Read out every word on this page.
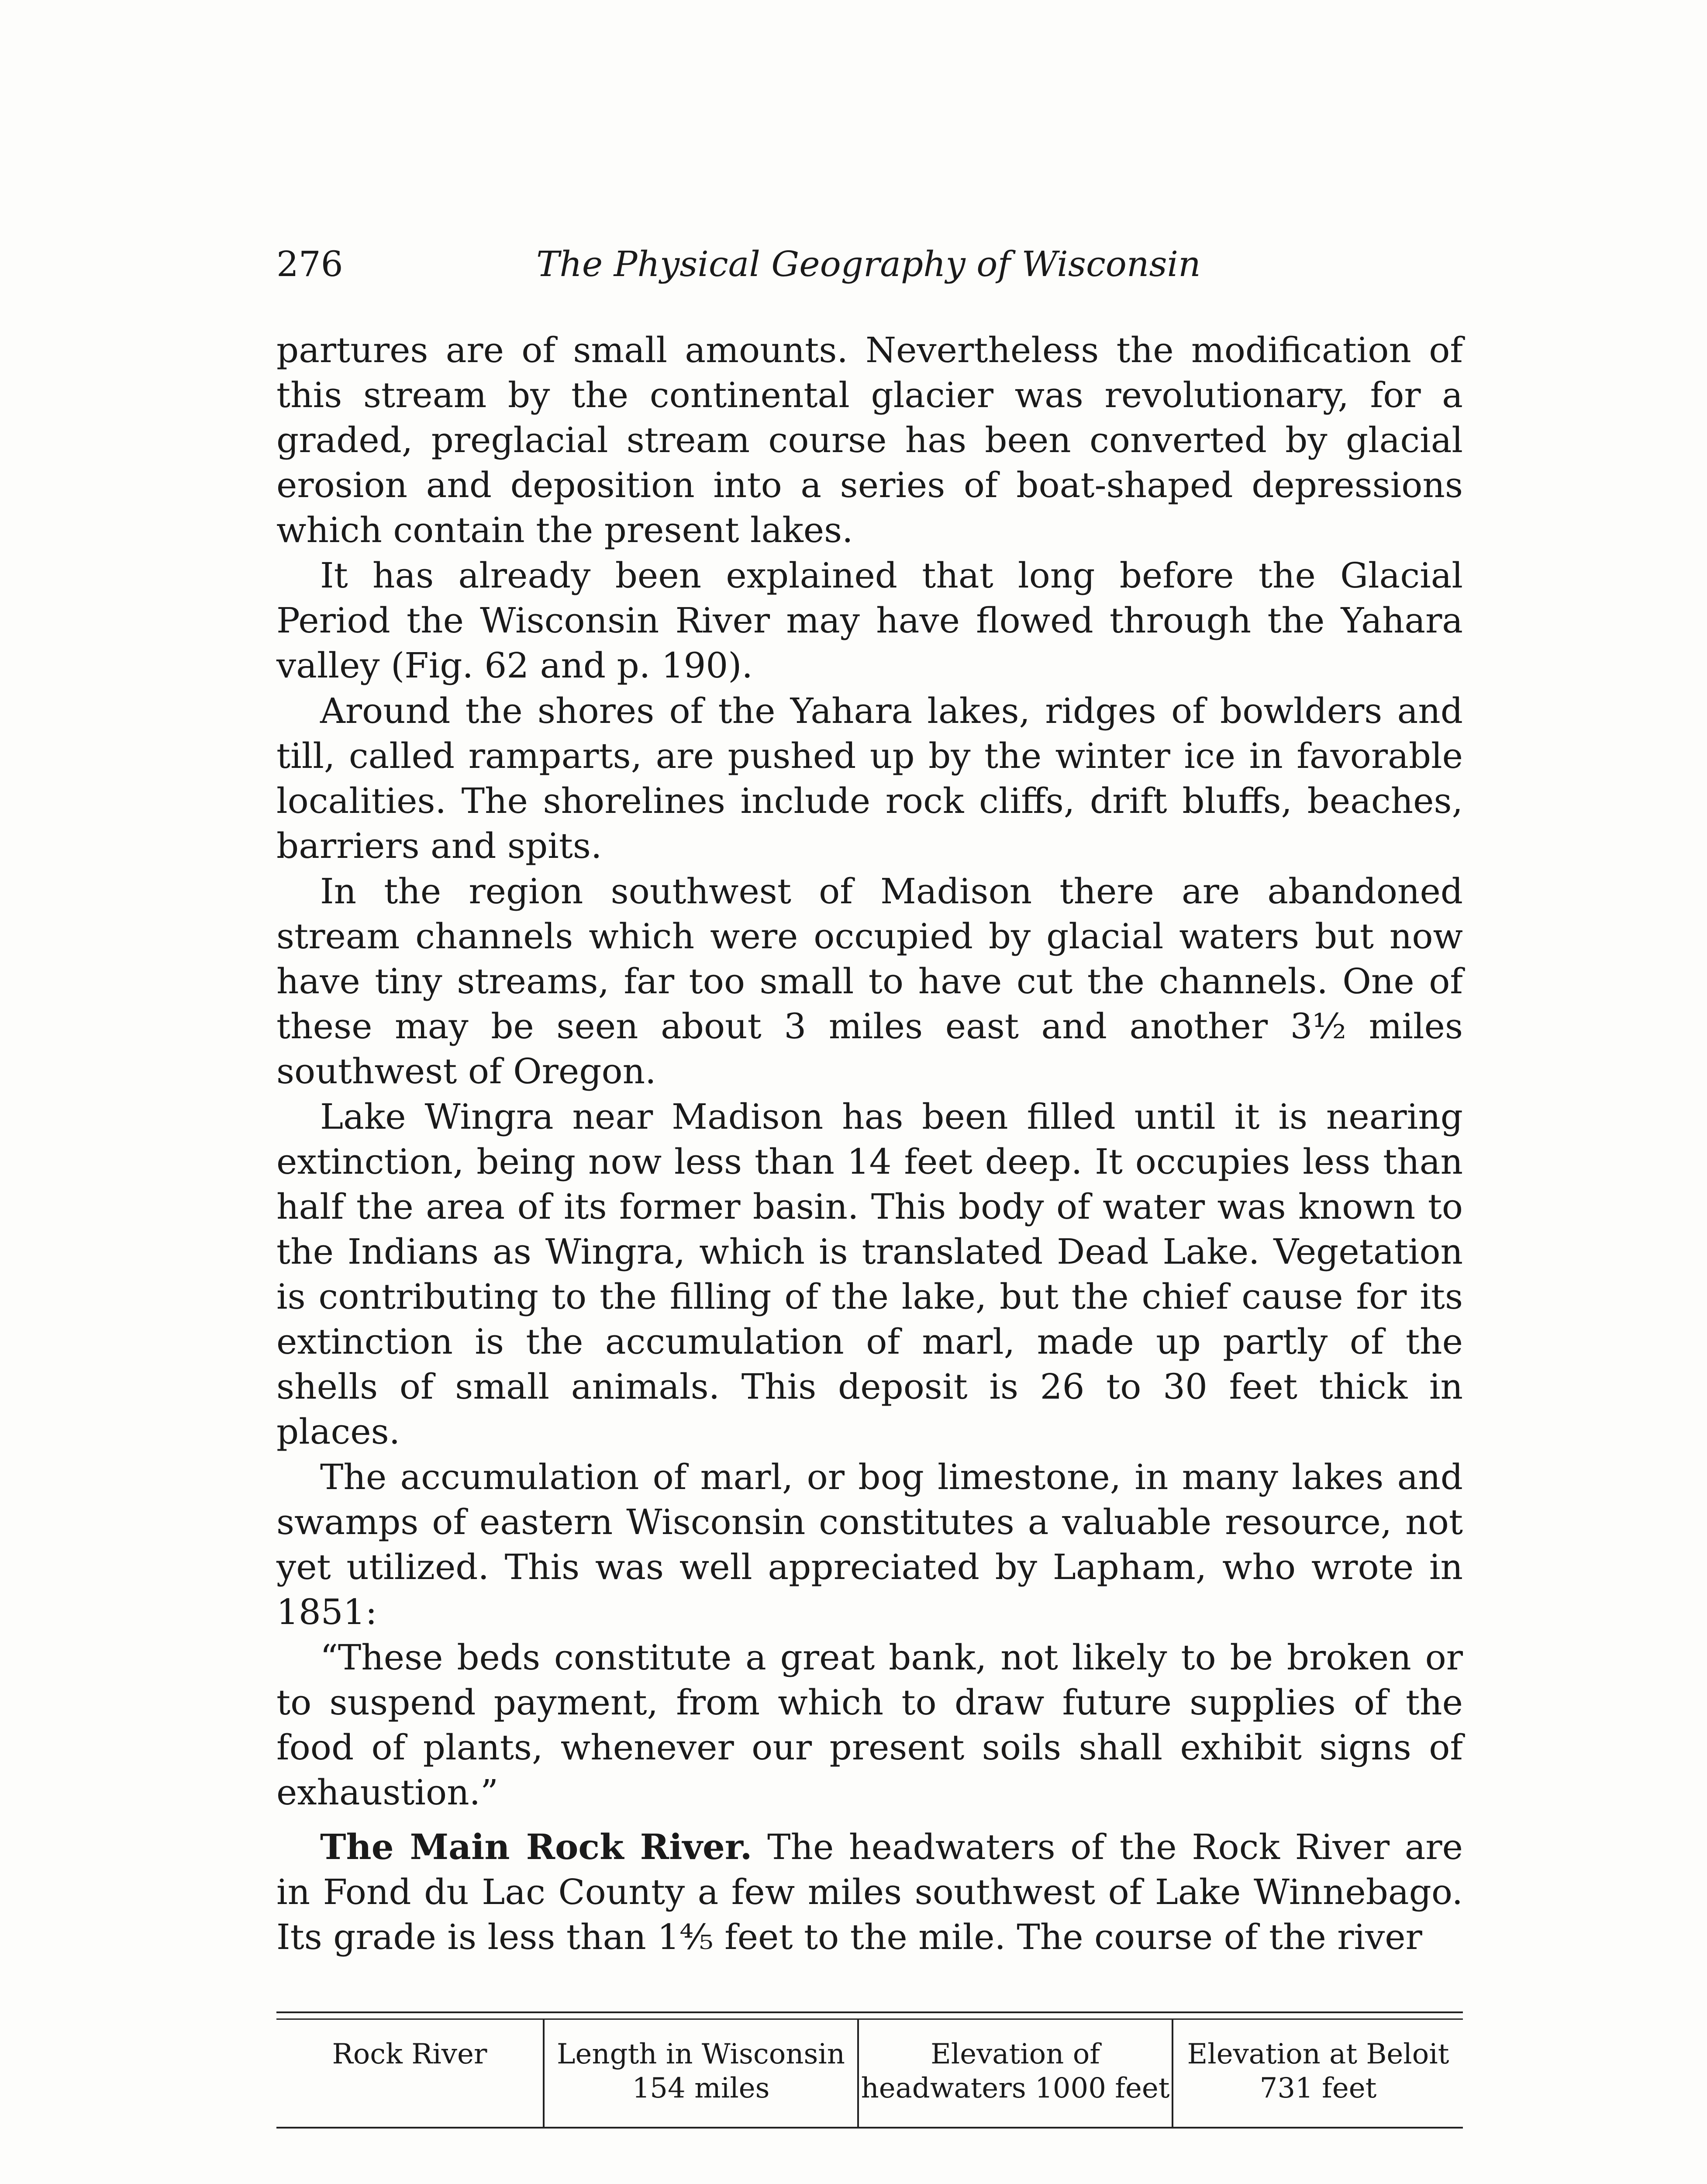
276	The Physical Geography of Wisconsin

partures are of small amounts. Nevertheless the modification of this stream by the continental glacier was revolutionary, for a graded, preglacial stream course has been converted by glacial erosion and deposition into a series of boat-shaped depressions which contain the present lakes.

It has already been explained that long before the Glacial Period the Wisconsin River may have flowed through the Yahara valley (Fig. 62 and p. 190).

Around the shores of the Yahara lakes, ridges of bowlders and till, called ramparts, are pushed up by the winter ice in favorable localities. The shorelines include rock cliffs, drift bluffs, beaches, barriers and spits.

In the region southwest of Madison there are abandoned stream channels which were occupied by glacial waters but now have tiny streams, far too small to have cut the channels. One of these may be seen about 3 miles east and another 3½ miles southwest of Oregon.

Lake Wingra near Madison has been filled until it is nearing extinction, being now less than 14 feet deep. It occupies less than half the area of its former basin. This body of water was known to the Indians as Wingra, which is translated Dead Lake. Vegetation is contributing to the filling of the lake, but the chief cause for its extinction is the accumulation of marl, made up partly of the shells of small animals. This deposit is 26 to 30 feet thick in places.

The accumulation of marl, or bog limestone, in many lakes and swamps of eastern Wisconsin constitutes a valuable resource, not yet utilized. This was well appreciated by Lapham, who wrote in 1851:

“These beds constitute a great bank, not likely to be broken or to suspend payment, from which to draw future supplies of the food of plants, whenever our present soils shall exhibit signs of exhaustion.”

The Main Rock River. The headwaters of the Rock River are in Fond du Lac County a few miles southwest of Lake Winnebago. Its grade is less than 1⅘ feet to the mile. The course of the river

Rock River	Length in Wisconsin 154 miles
Elevation of headwaters 1000 feet
Elevation at Beloit 731 feet
